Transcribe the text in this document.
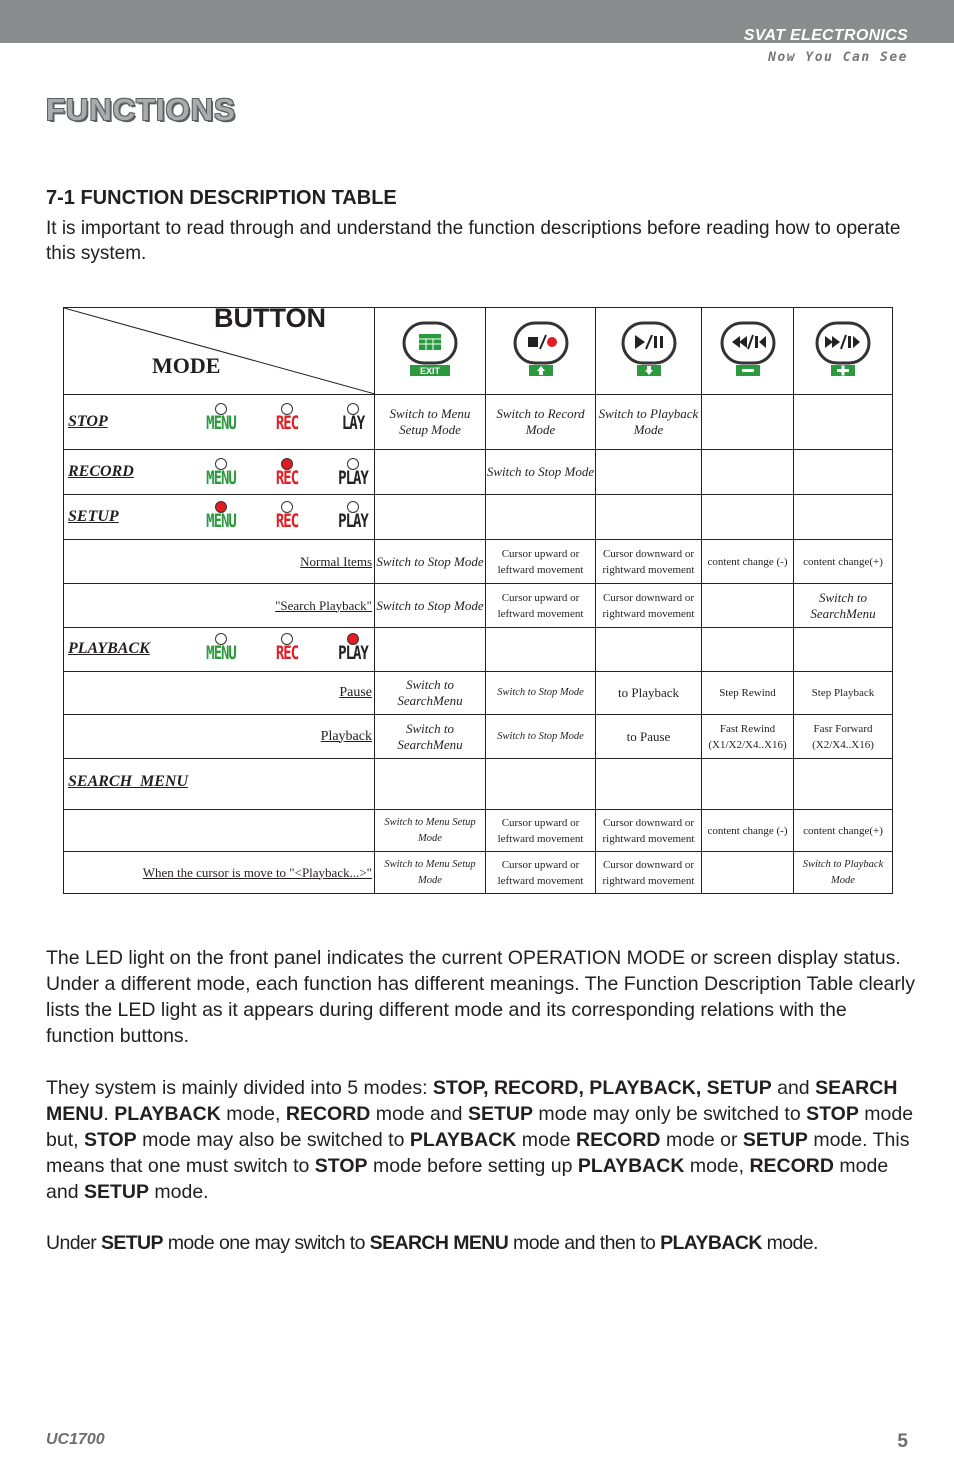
SVAT ELECTRONICS
Now You Can See
FUNCTIONS
7-1 FUNCTION DESCRIPTION TABLE
It is important to read through and understand the function descriptions before reading how to operate this system.
BUTTON
MODE	EXIT

STOP MENU REC LAY	Switch to Menu Setup Mode	Switch to Record Mode	Switch to Playback Mode		

RECORD MENU REC PLAY		Switch to Stop Mode			

SETUP MENU REC PLAY					

Normal Items	Switch to Stop Mode	Cursor upward or leftward movement	Cursor downward or rightward movement	content change (-)	content change(+)
"Search Playback"	Switch to Stop Mode	Cursor upward or leftward movement	Cursor downward or rightward movement		Switch to SearchMenu

PLAYBACK MENU REC PLAY					

Pause	Switch to SearchMenu	Switch to Stop Mode	to Playback	Step Rewind	Step Playback
Playback	Switch to SearchMenu	Switch to Stop Mode	to Pause	Fast Rewind (X1/X2/X4..X16)	Fasr Forward (X2/X4..X16)

SEARCH  MENU					

	Switch to Menu Setup Mode	Cursor upward or leftward movement	Cursor downward or rightward movement	content change (-)	content change(+)
When the cursor is move to "<Playback...>"	Switch to Menu Setup Mode	Cursor upward or leftward movement	Cursor downward or rightward movement		Switch to Playback Mode
The LED light on the front panel indicates the current OPERATION MODE or screen display status. Under a different mode, each function has different meanings. The Function Description Table clearly lists the LED light as it appears during different mode and its corresponding relations with the function buttons.
They system is mainly divided into 5 modes: STOP, RECORD, PLAYBACK, SETUP and SEARCH MENU. PLAYBACK mode, RECORD mode and SETUP mode may only be switched to STOP mode but, STOP mode may also be switched to PLAYBACK mode RECORD mode or SETUP mode. This means that one must switch to STOP mode before setting up PLAYBACK mode, RECORD mode and SETUP mode.
Under SETUP mode one may switch to SEARCH MENU mode and then to PLAYBACK mode.
UC1700	5
